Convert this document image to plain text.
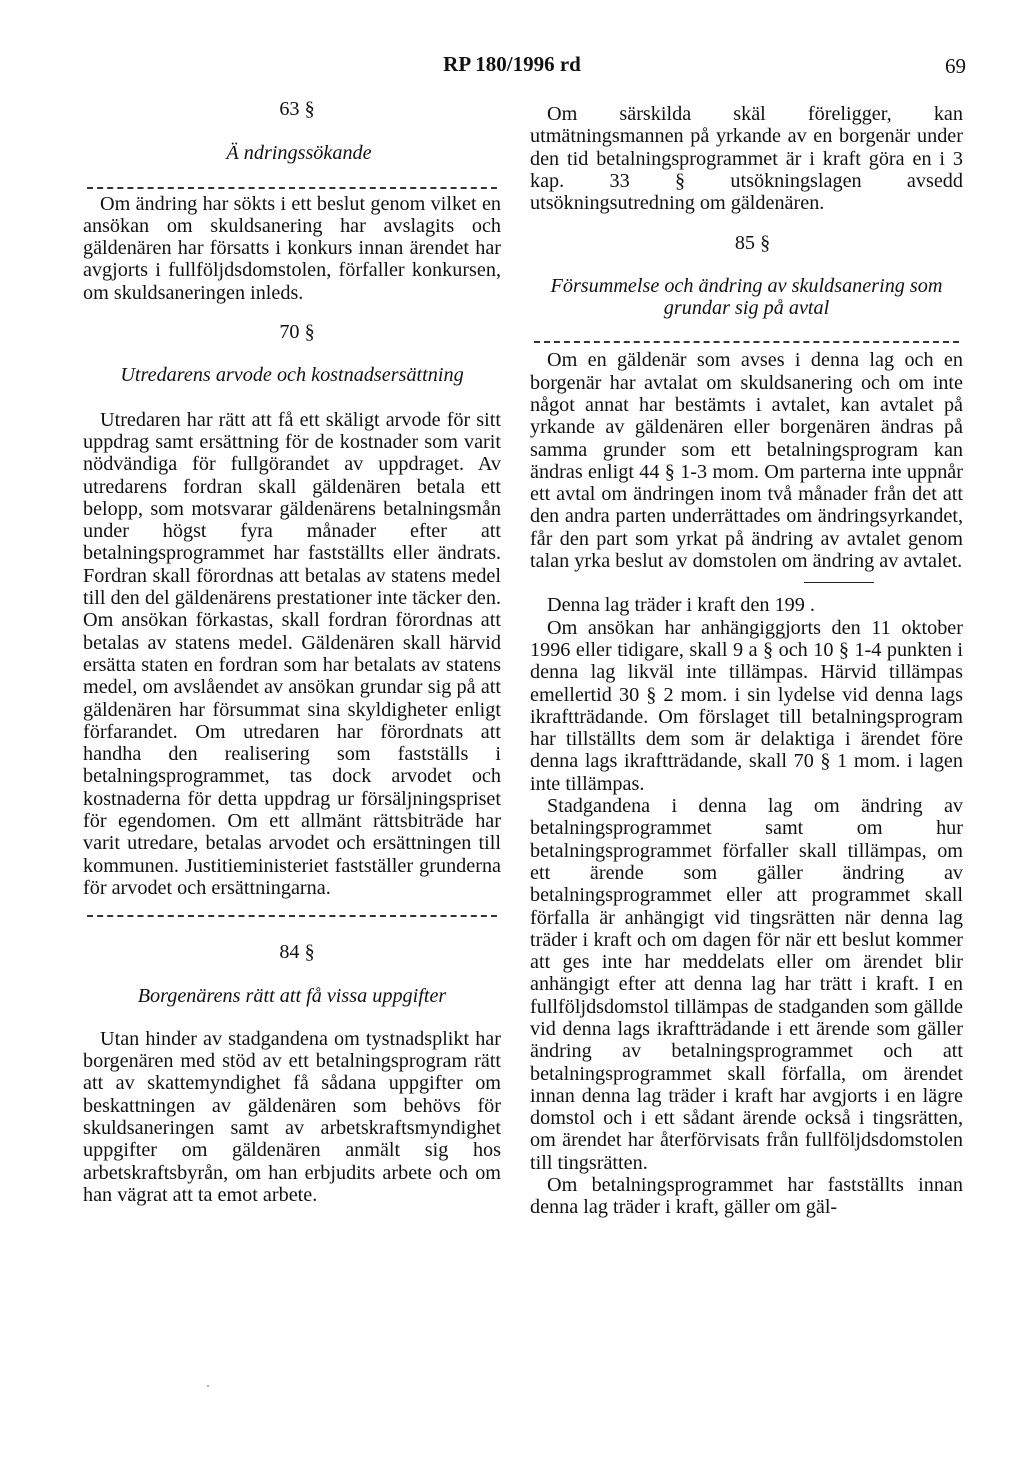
RP 180/1996 rd	69
63 §
Ä ndringssökande

Om ändring har sökts i ett beslut genom vilket en ansökan om skuldsanering har avslagits och gäldenären har försatts i konkurs innan ärendet har avgjorts i fullföljdsdomstolen, förfaller konkursen, om skuldsaneringen inleds.

70 §
Utredarens arvode och kostnadsersättning

Utredaren har rätt att få ett skäligt arvode för sitt uppdrag samt ersättning för de kostnader som varit nödvändiga för fullgörandet av uppdraget. Av utredarens fordran skall gäldenären betala ett belopp, som motsvarar gäldenärens betalningsmån under högst fyra månader efter att betalningsprogrammet har fastställts eller ändrats. Fordran skall förordnas att betalas av statens medel till den del gäldenärens prestationer inte täcker den. Om ansökan förkastas, skall fordran förordnas att betalas av statens medel. Gäldenären skall härvid ersätta staten en fordran som har betalats av statens medel, om avslåendet av ansökan grundar sig på att gäldenären har försummat sina skyldigheter enligt förfarandet. Om utredaren har förordnats att handha den realisering som fastställs i betalningsprogrammet, tas dock arvodet och kostnaderna för detta uppdrag ur försäljningspriset för egendomen. Om ett allmänt rättsbiträde har varit utredare, betalas arvodet och ersättningen till kommunen. Justitieministeriet fastställer grunderna för arvodet och ersättningarna.

84 §
Borgenärens rätt att få vissa uppgifter

Utan hinder av stadgandena om tystnadsplikt har borgenären med stöd av ett betalningsprogram rätt att av skattemyndighet få sådana uppgifter om beskattningen av gäldenären som behövs för skuldsaneringen samt av arbetskraftsmyndighet uppgifter om gäldenären anmält sig hos arbetskraftsbyrån, om han erbjudits arbete och om han vägrat att ta emot arbete.

Om särskilda skäl föreligger, kan utmätningsmannen på yrkande av en borgenär under den tid betalningsprogrammet är i kraft göra en i 3 kap. 33 § utsökningslagen avsedd utsökningsutredning om gäldenären.

85 §
Försummelse och ändring av skuldsanering som grundar sig på avtal

Om en gäldenär som avses i denna lag och en borgenär har avtalat om skuldsanering och om inte något annat har bestämts i avtalet, kan avtalet på yrkande av gäldenären eller borgenären ändras på samma grunder som ett betalningsprogram kan ändras enligt 44 § 1-3 mom. Om parterna inte uppnår ett avtal om ändringen inom två månader från det att den andra parten underrättades om ändringsyrkandet, får den part som yrkat på ändring av avtalet genom talan yrka beslut av domstolen om ändring av avtalet.

Denna lag träder i kraft den 199 .

Om ansökan har anhängiggjorts den 11 oktober 1996 eller tidigare, skall 9 a § och 10 § 1-4 punkten i denna lag likväl inte tillämpas. Härvid tillämpas emellertid 30 § 2 mom. i sin lydelse vid denna lags ikraftträdande. Om förslaget till betalningsprogram har tillställts dem som är delaktiga i ärendet före denna lags ikraftträdande, skall 70 § 1 mom. i lagen inte tillämpas.

Stadgandena i denna lag om ändring av betalningsprogrammet samt om hur betalningsprogrammet förfaller skall tillämpas, om ett ärende som gäller ändring av betalningsprogrammet eller att programmet skall förfalla är anhängigt vid tingsrätten när denna lag träder i kraft och om dagen för när ett beslut kommer att ges inte har meddelats eller om ärendet blir anhängigt efter att denna lag har trätt i kraft. I en fullföljdsdomstol tillämpas de stadganden som gällde vid denna lags ikraftträdande i ett ärende som gäller ändring av betalningsprogrammet och att betalningsprogrammet skall förfalla, om ärendet innan denna lag träder i kraft har avgjorts i en lägre domstol och i ett sådant ärende också i tingsrätten, om ärendet har återförvisats från fullföljdsdomstolen till tingsrätten.

Om betalningsprogrammet har fastställts innan denna lag träder i kraft, gäller om gäl-
